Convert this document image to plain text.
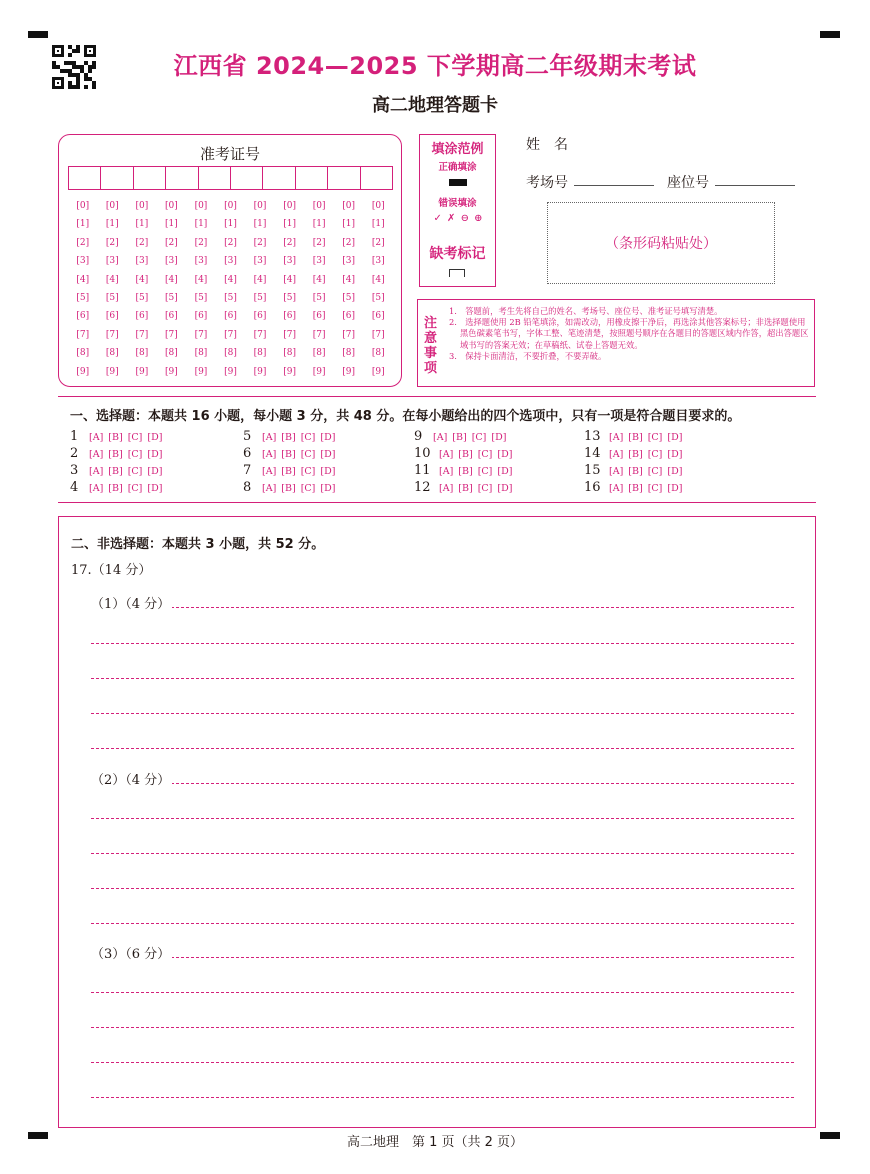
江西省 2024—2025 下学期高二年级期末考试
高二地理答题卡
准考证号
[0]	[0]	[0]	[0]	[0]	[0]	[0]	[0]	[0]	[0]	[0]
[1]	[1]	[1]	[1]	[1]	[1]	[1]	[1]	[1]	[1]	[1]
[2]	[2]	[2]	[2]	[2]	[2]	[2]	[2]	[2]	[2]	[2]
[3]	[3]	[3]	[3]	[3]	[3]	[3]	[3]	[3]	[3]	[3]
[4]	[4]	[4]	[4]	[4]	[4]	[4]	[4]	[4]	[4]	[4]
[5]	[5]	[5]	[5]	[5]	[5]	[5]	[5]	[5]	[5]	[5]
[6]	[6]	[6]	[6]	[6]	[6]	[6]	[6]	[6]	[6]	[6]
[7]	[7]	[7]	[7]	[7]	[7]	[7]	[7]	[7]	[7]	[7]
[8]	[8]	[8]	[8]	[8]	[8]	[8]	[8]	[8]	[8]	[8]
[9]	[9]	[9]	[9]	[9]	[9]	[9]	[9]	[9]	[9]	[9]
填涂范例
正确填涂
错误填涂
✓ ✗ ⊖ ⊕
缺考标记
姓　名
考场号	座位号
（条形码粘贴处）
注意事项
1.　答题前，考生先将自己的姓名、考场号、座位号、准考证号填写清楚。
2.　选择题使用 2B 铅笔填涂，如需改动，用橡皮擦干净后，再选涂其他答案标号；非选择题使用黑色碳素笔书写，字体工整、笔迹清楚，按照题号顺序在各题目的答题区域内作答，超出答题区域书写的答案无效；在草稿纸、试卷上答题无效。
3.　保持卡面清洁，不要折叠，不要弄破。
一、选择题：本题共 16 小题，每小题 3 分，共 48 分。在每小题给出的四个选项中，只有一项是符合题目要求的。
1 [A] [B] [C] [D]
2 [A] [B] [C] [D]
3 [A] [B] [C] [D]
4 [A] [B] [C] [D]
5 [A] [B] [C] [D]
6 [A] [B] [C] [D]
7 [A] [B] [C] [D]
8 [A] [B] [C] [D]
9 [A] [B] [C] [D]
10 [A] [B] [C] [D]
11 [A] [B] [C] [D]
12 [A] [B] [C] [D]
13 [A] [B] [C] [D]
14 [A] [B] [C] [D]
15 [A] [B] [C] [D]
16 [A] [B] [C] [D]
二、非选择题：本题共 3 小题，共 52 分。
17.（14 分）
（1）（4 分）
（2）（4 分）
（3）（6 分）
高二地理　第 1 页（共 2 页）
